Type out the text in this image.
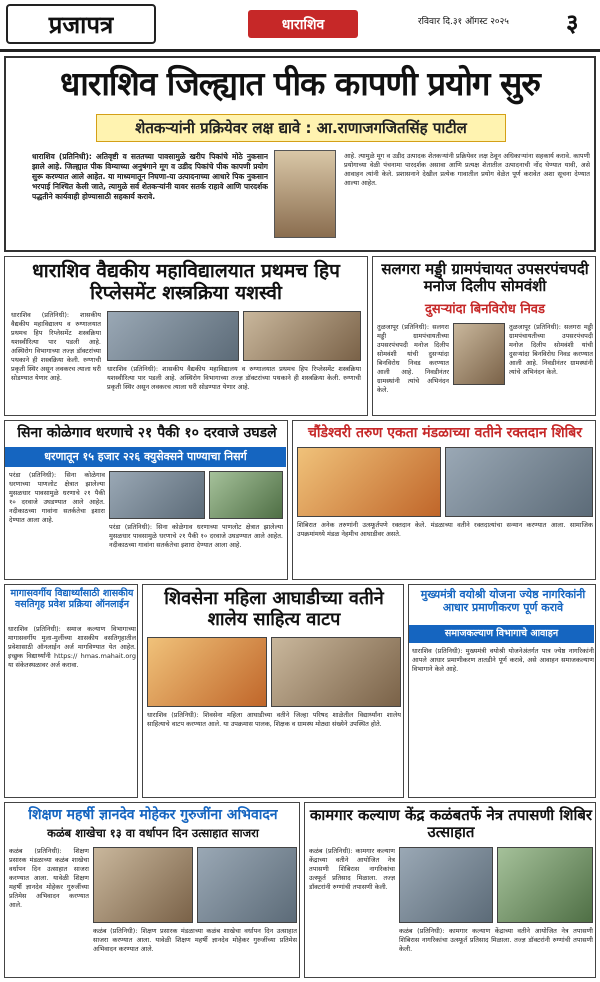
प्रजापत्र	धाराशिव	रविवार दि.३१ ऑगस्ट २०२५ ३
धाराशिव जिल्ह्यात पीक कापणी प्रयोग सुरु
शेतकऱ्यांनी प्रक्रियेवर लक्ष द्यावे : आ.राणाजगजितसिंह पाटील
धाराशिव (प्रतिनिधी): अतिवृष्टी व सततच्या पावसामुळे खरीप पिकांचे मोठे नुकसान झाले आहे. जिल्ह्यात पीक विम्याच्या अनुषंगाने मूग व उडीद पिकांचे पीक कापणी प्रयोग सुरू करण्यात आले आहेत. या माध्यमातून निघणा-या उत्पादनाच्या आधारे पिक नुकसान भरपाई निश्चित केली जाते, त्यामुळे सर्व शेतकऱ्यांनी यावर सतर्क राहावे आणि पारदर्शक पद्धतीने कार्यवाही होण्यासाठी सहकार्य करावे.
आहे. त्यामुळे मूग व उडीद उत्पादक शेतकऱ्यांनी प्रक्रियेवर लक्ष ठेवून अधिकाऱ्यांना सहकार्य करावे. कापणी प्रयोगाच्या वेळी पंचनामा पारदर्शक असावा आणि प्रत्यक्ष शेतातील उत्पादनाची नोंद घेण्यात यावी, असे आवाहन त्यांनी केले. प्रशासनाने देखील प्रत्येक गावातील प्रयोग वेळेत पूर्ण करावेत अशा सूचना देण्यात आल्या आहेत.
धाराशिव वैद्यकीय महाविद्यालयात प्रथमच हिप रिप्लेसमेंट शस्त्रक्रिया यशस्वी
धाराशिव (प्रतिनिधी): शासकीय वैद्यकीय महाविद्यालय व रुग्णालयात प्रथमच हिप रिप्लेसमेंट शस्त्रक्रिया यशस्वीरित्या पार पडली आहे. अस्थिरोग विभागाच्या तज्ज्ञ डॉक्टरांच्या पथकाने ही शस्त्रक्रिया केली. रुग्णाची प्रकृती स्थिर असून लवकरच त्याला घरी सोडण्यात येणार आहे.
धाराशिव (प्रतिनिधी): शासकीय वैद्यकीय महाविद्यालय व रुग्णालयात प्रथमच हिप रिप्लेसमेंट शस्त्रक्रिया यशस्वीरित्या पार पडली आहे. अस्थिरोग विभागाच्या तज्ज्ञ डॉक्टरांच्या पथकाने ही शस्त्रक्रिया केली. रुग्णाची प्रकृती स्थिर असून लवकरच त्याला घरी सोडण्यात येणार आहे.
सलगरा मड्डी ग्रामपंचायत उपसरपंचपदी मनोज दिलीप सोमवंशी
दुसऱ्यांदा बिनविरोध निवड
तुळजापूर (प्रतिनिधी): सलगरा मड्डी ग्रामपंचायतीच्या उपसरपंचपदी मनोज दिलीप सोमवंशी यांची दुसऱ्यांदा बिनविरोध निवड करण्यात आली आहे. निवडीनंतर ग्रामस्थांनी त्यांचे अभिनंदन केले.
तुळजापूर (प्रतिनिधी): सलगरा मड्डी ग्रामपंचायतीच्या उपसरपंचपदी मनोज दिलीप सोमवंशी यांची दुसऱ्यांदा बिनविरोध निवड करण्यात आली आहे. निवडीनंतर ग्रामस्थांनी त्यांचे अभिनंदन केले.
सिना कोळेगाव धरणाचे २१ पैकी १० दरवाजे उघडले
धरणातून १५ हजार २२६ क्युसेक्सने पाण्याचा निसर्ग
परंडा (प्रतिनिधी): सिना कोळेगाव धरणाच्या पाणलोट क्षेत्रात झालेल्या मुसळधार पावसामुळे धरणाचे २१ पैकी १० दरवाजे उघडण्यात आले आहेत. नदीकाठच्या गावांना सतर्कतेचा इशारा देण्यात आला आहे.
परंडा (प्रतिनिधी): सिना कोळेगाव धरणाच्या पाणलोट क्षेत्रात झालेल्या मुसळधार पावसामुळे धरणाचे २१ पैकी १० दरवाजे उघडण्यात आले आहेत. नदीकाठच्या गावांना सतर्कतेचा इशारा देण्यात आला आहे.
चौंडेश्वरी तरुण एकता मंडळाच्या वतीने रक्तदान शिबिर
शिबिरात अनेक तरुणांनी उत्स्फूर्तपणे रक्तदान केले. मंडळाच्या वतीने रक्तदात्यांचा सन्मान करण्यात आला. सामाजिक उपक्रमांमध्ये मंडळ नेहमीच आघाडीवर असते.
मागासवर्गीय विद्यार्थ्यांसाठी शासकीय वसतिगृह प्रवेश प्रक्रिया ऑनलाईन
धाराशिव (प्रतिनिधी): समाज कल्याण विभागाच्या मागासवर्गीय मुला-मुलींच्या शासकीय वसतिगृहातील प्रवेशासाठी ऑनलाईन अर्ज मागविण्यात येत आहेत. इच्छुक विद्यार्थ्यांनी https:// hmas.mahait.org या संकेतस्थळावर अर्ज करावा.
शिवसेना महिला आघाडीच्या वतीने शालेय साहित्य वाटप
धाराशिव (प्रतिनिधी): शिवसेना महिला आघाडीच्या वतीने जिल्हा परिषद शाळेतील विद्यार्थ्यांना शालेय साहित्याचे वाटप करण्यात आले. या उपक्रमास पालक, शिक्षक व ग्रामस्थ मोठ्या संख्येने उपस्थित होते.
मुख्यमंत्री वयोश्री योजना ज्येष्ठ नागरिकांनी आधार प्रमाणीकरण पूर्ण करावे
समाजकल्याण विभागाचे आवाहन
धाराशिव (प्रतिनिधी): मुख्यमंत्री वयोश्री योजनेअंतर्गत पात्र ज्येष्ठ नागरिकांनी आपले आधार प्रमाणीकरण तातडीने पूर्ण करावे, असे आवाहन समाजकल्याण विभागाने केले आहे.
शिक्षण महर्षी ज्ञानदेव मोहेकर गुरुजींना अभिवादन
कळंब शाखेचा १३ वा वर्धापन दिन उत्साहात साजरा
कळंब (प्रतिनिधी): शिक्षण प्रसारक मंडळाच्या कळंब शाखेचा वर्धापन दिन उत्साहात साजरा करण्यात आला. यावेळी शिक्षण महर्षी ज्ञानदेव मोहेकर गुरुजींच्या प्रतिमेस अभिवादन करण्यात आले.
कळंब (प्रतिनिधी): शिक्षण प्रसारक मंडळाच्या कळंब शाखेचा वर्धापन दिन उत्साहात साजरा करण्यात आला. यावेळी शिक्षण महर्षी ज्ञानदेव मोहेकर गुरुजींच्या प्रतिमेस अभिवादन करण्यात आले.
कामगार कल्याण केंद्र कळंबतर्फे नेत्र तपासणी शिबिर उत्साहात
कळंब (प्रतिनिधी): कामगार कल्याण केंद्राच्या वतीने आयोजित नेत्र तपासणी शिबिरास नागरिकांचा उत्स्फूर्त प्रतिसाद मिळाला. तज्ज्ञ डॉक्टरांनी रुग्णांची तपासणी केली.
कळंब (प्रतिनिधी): कामगार कल्याण केंद्राच्या वतीने आयोजित नेत्र तपासणी शिबिरास नागरिकांचा उत्स्फूर्त प्रतिसाद मिळाला. तज्ज्ञ डॉक्टरांनी रुग्णांची तपासणी केली.
